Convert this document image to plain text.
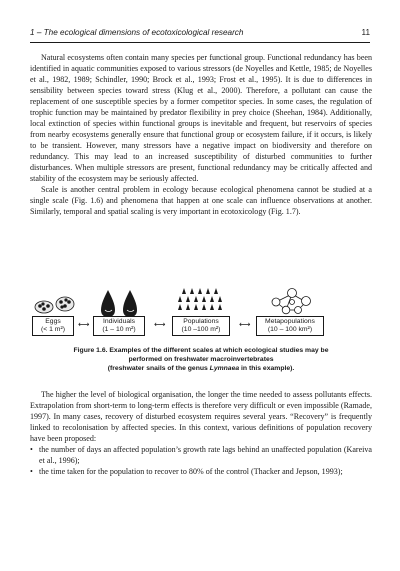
1 – The ecological dimensions of ecotoxicological research	11

Natural ecosystems often contain many species per functional group. Functional redundancy has been identified in aquatic communities exposed to various stressors (de Noyelles and Kettle, 1985; de Noyelles et al., 1982, 1989; Schindler, 1990; Brock et al., 1993; Frost et al., 1995). It is due to differences in sensibility between species toward stress (Klug et al., 2000). Therefore, a pollutant can cause the replacement of one susceptible species by a former competitor species. In some cases, the regulation of trophic function may be maintained by predator flexibility in prey choice (Sheehan, 1984). Additionally, local extinction of species within functional groups is inevitable and frequent, but reservoirs of species from nearby ecosystems generally ensure that functional group or ecosystem failure, if it occurs, is likely to be transient. However, many stressors have a negative impact on biodiversity and therefore on redundancy. This may lead to an increased susceptibility of disturbed communities to further disturbances. When multiple stressors are present, functional redundancy may be critically affected and stability of the ecosystem may be seriously affected.

Scale is another central problem in ecology because ecological phenomena cannot be studied at a single scale (Fig. 1.6) and phenomena that happen at one scale can influence observations at another. Similarly, temporal and spatial scaling is very important in ecotoxicology (Fig. 1.7).

Eggs
(< 1 m²)
⟷	Individuals
(1 – 10 m²)
⟷	Populations
(10 –100 m²)
⟷	Metapopulations
(10 – 100 km²)
Figure 1.6. Examples of the different scales at which ecological studies may be
performed on freshwater macroinvertebrates
(freshwater snails of the genus Lymnaea in this example).

The higher the level of biological organisation, the longer the time needed to assess pollutants effects. Extrapolation from short-term to long-term effects is therefore very difficult or even impossible (Ramade, 1997). In many cases, recovery of disturbed ecosystem requires several years. “Recovery” is frequently linked to recolonisation by affected species. In this context, various definitions of population recovery have been proposed:

• the number of days an affected population’s growth rate lags behind an unaffected population (Kareiva et al., 1996);
• the time taken for the population to recover to 80% of the control (Thacker and Jepson, 1993);
